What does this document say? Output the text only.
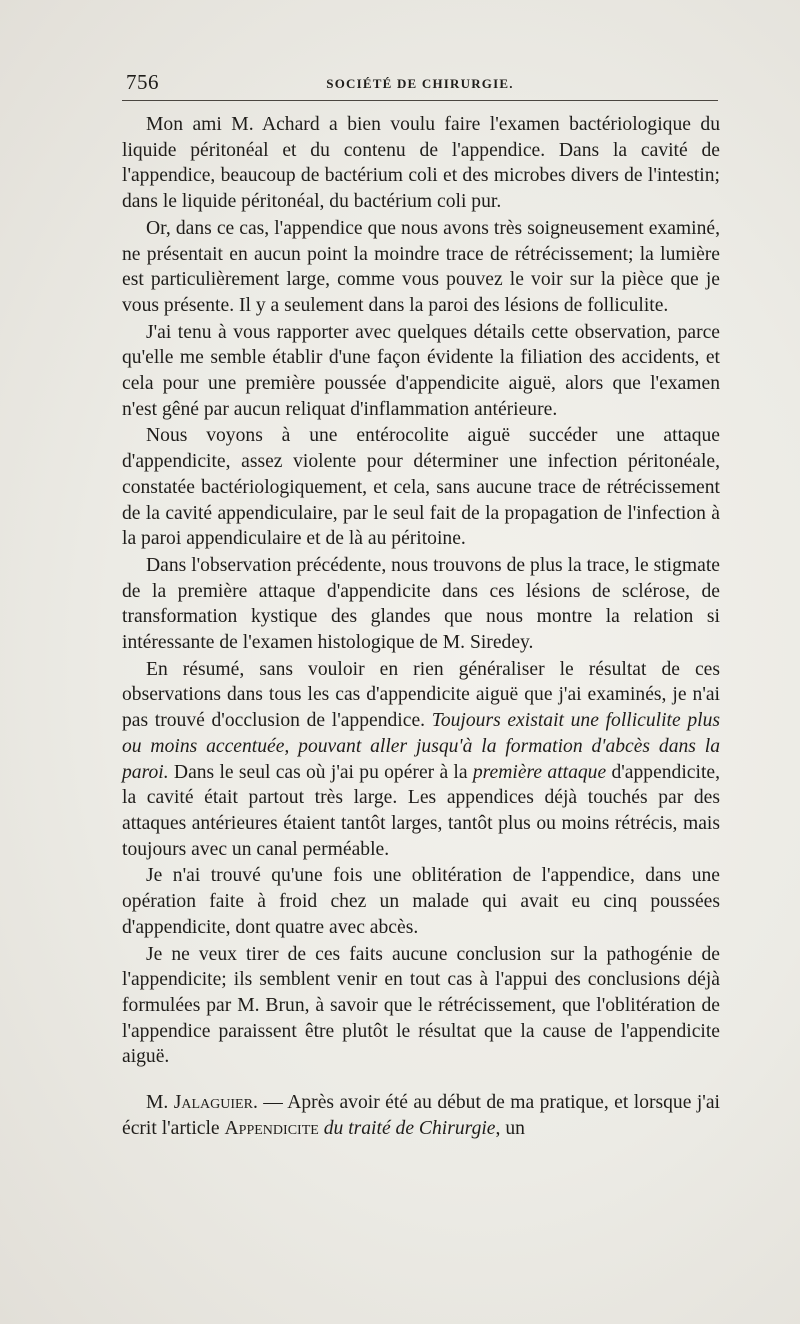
756	SOCIÉTÉ DE CHIRURGIE.

Mon ami M. Achard a bien voulu faire l'examen bactériologique du liquide péritonéal et du contenu de l'appendice. Dans la cavité de l'appendice, beaucoup de bactérium coli et des microbes divers de l'intestin; dans le liquide péritonéal, du bactérium coli pur.

Or, dans ce cas, l'appendice que nous avons très soigneusement examiné, ne présentait en aucun point la moindre trace de rétrécissement; la lumière est particulièrement large, comme vous pouvez le voir sur la pièce que je vous présente. Il y a seulement dans la paroi des lésions de folliculite.

J'ai tenu à vous rapporter avec quelques détails cette observation, parce qu'elle me semble établir d'une façon évidente la filiation des accidents, et cela pour une première poussée d'appendicite aiguë, alors que l'examen n'est gêné par aucun reliquat d'inflammation antérieure.

Nous voyons à une entérocolite aiguë succéder une attaque d'appendicite, assez violente pour déterminer une infection péritonéale, constatée bactériologiquement, et cela, sans aucune trace de rétrécissement de la cavité appendiculaire, par le seul fait de la propagation de l'infection à la paroi appendiculaire et de là au péritoine.

Dans l'observation précédente, nous trouvons de plus la trace, le stigmate de la première attaque d'appendicite dans ces lésions de sclérose, de transformation kystique des glandes que nous montre la relation si intéressante de l'examen histologique de M. Siredey.

En résumé, sans vouloir en rien généraliser le résultat de ces observations dans tous les cas d'appendicite aiguë que j'ai examinés, je n'ai pas trouvé d'occlusion de l'appendice. Toujours existait une folliculite plus ou moins accentuée, pouvant aller jusqu'à la formation d'abcès dans la paroi. Dans le seul cas où j'ai pu opérer à la première attaque d'appendicite, la cavité était partout très large. Les appendices déjà touchés par des attaques antérieures étaient tantôt larges, tantôt plus ou moins rétrécis, mais toujours avec un canal perméable.

Je n'ai trouvé qu'une fois une oblitération de l'appendice, dans une opération faite à froid chez un malade qui avait eu cinq poussées d'appendicite, dont quatre avec abcès.

Je ne veux tirer de ces faits aucune conclusion sur la pathogénie de l'appendicite; ils semblent venir en tout cas à l'appui des conclusions déjà formulées par M. Brun, à savoir que le rétrécissement, que l'oblitération de l'appendice paraissent être plutôt le résultat que la cause de l'appendicite aiguë.

M. Jalaguier. — Après avoir été au début de ma pratique, et lorsque j'ai écrit l'article Appendicite du traité de Chirurgie, un
